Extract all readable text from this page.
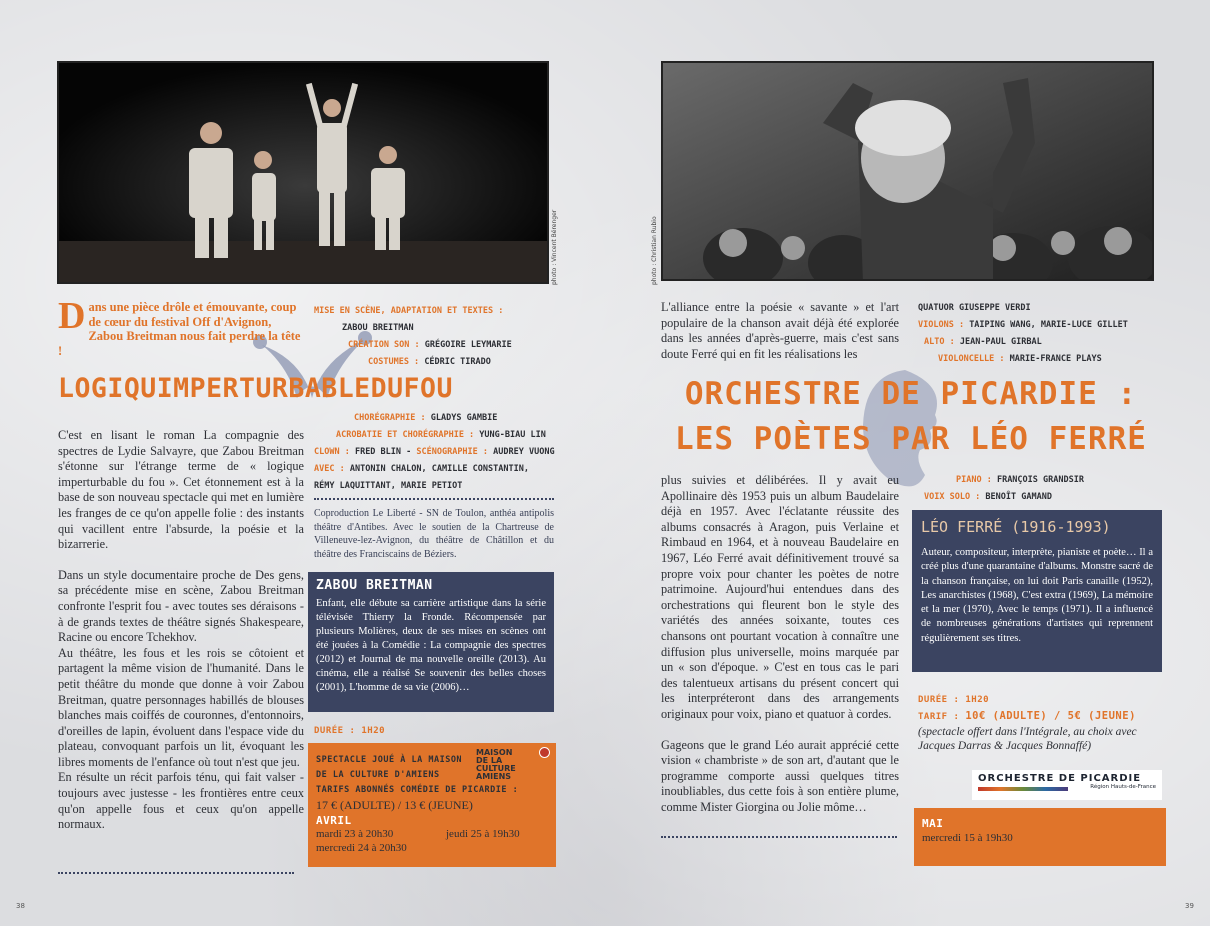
photo : Vincent Bérenger
D ans une pièce drôle et émouvante, coup de cœur du festival Off d'Avignon, Zabou Breitman nous fait perdre la tête !
MISE EN SCÈNE, ADAPTATION ET TEXTES :
ZABOU BREITMAN
CRÉATION SON : GRÉGOIRE LEYMARIE
COSTUMES : CÉDRIC TIRADO
LOGIQUIMPERTURBABLEDUFOU
CHORÉGRAPHIE : GLADYS GAMBIE
ACROBATIE ET CHORÉGRAPHIE : YUNG-BIAU LIN
CLOWN : FRED BLIN - SCÉNOGRAPHIE : AUDREY VUONG
AVEC : ANTONIN CHALON, CAMILLE CONSTANTIN,
RÉMY LAQUITTANT, MARIE PETIOT
Coproduction Le Liberté - SN de Toulon, anthéa antipolis théâtre d'Antibes. Avec le soutien de la Chartreuse de Villeneuve-lez-Avignon, du théâtre de Châtillon et du théâtre des Franciscains de Béziers.

C'est en lisant le roman La compagnie des spectres de Lydie Salvayre, que Zabou Breitman s'étonne sur l'étrange terme de « logique imperturbable du fou ». Cet étonnement est à la base de son nouveau spectacle qui met en lumière les franges de ce qu'on appelle folie : des instants qui vacillent entre l'absurde, la poésie et la bizarrerie.

Dans un style documentaire proche de Des gens, sa précédente mise en scène, Zabou Breitman confronte l'esprit fou - avec toutes ses déraisons - à de grands textes de théâtre signés Shakespeare, Racine ou encore Tchekhov.

Au théâtre, les fous et les rois se côtoient et partagent la même vision de l'humanité. Dans le petit théâtre du monde que donne à voir Zabou Breitman, quatre personnages habillés de blouses blanches mais coiffés de couronnes, d'entonnoirs, d'oreilles de lapin, évoluent dans l'espace vide du plateau, convoquant parfois un lit, évoquant les libres moments de l'enfance où tout n'est que jeu.

En résulte un récit parfois ténu, qui fait valser - toujours avec justesse - les frontières entre ceux qu'on appelle fous et ceux qu'on appelle normaux.

ZABOU BREITMAN
Enfant, elle débute sa carrière artistique dans la série télévisée Thierry la Fronde. Récompensée par plusieurs Molières, deux de ses mises en scènes ont été jouées à la Comédie : La compagnie des spectres (2012) et Journal de ma nouvelle oreille (2013). Au cinéma, elle a réalisé Se souvenir des belles choses (2001), L'homme de sa vie (2006)…
DURÉE : 1H20
SPECTACLE JOUÉ À LA MAISON
DE LA CULTURE D'AMIENS
TARIFS ABONNÉS COMÉDIE DE PICARDIE :
17 € (ADULTE) / 13 € (JEUNE)
AVRIL
mardi 23 à 20h30	jeudi 25 à 19h30
mercredi 24 à 20h30
MAISON
DE LA
CULTURE
AMIENS
38
photo : Christian Rubio
L'alliance entre la poésie « savante » et l'art populaire de la chanson avait déjà été explorée dans les années d'après-guerre, mais c'est sans doute Ferré qui en fit les réalisations les
QUATUOR GIUSEPPE VERDI
VIOLONS : TAIPING WANG, MARIE-LUCE GILLET
ALTO : JEAN-PAUL GIRBAL
VIOLONCELLE : MARIE-FRANCE PLAYS
ORCHESTRE DE PICARDIE :
LES POÈTES PAR LÉO FERRÉ
PIANO : FRANÇOIS GRANDSIR
VOIX SOLO : BENOÎT GAMAND

plus suivies et délibérées. Il y avait eu Apollinaire dès 1953 puis un album Baudelaire déjà en 1957. Avec l'éclatante réussite des albums consacrés à Aragon, puis Verlaine et Rimbaud en 1964, et à nouveau Baudelaire en 1967, Léo Ferré avait définitivement trouvé sa propre voix pour chanter les poètes de notre patrimoine. Aujourd'hui entendues dans des orchestrations qui fleurent bon le style des variétés des années soixante, toutes ces chansons ont pourtant vocation à connaître une diffusion plus universelle, moins marquée par un « son d'époque. » C'est en tous cas le pari des talentueux artisans du présent concert qui les interpréteront dans des arrangements originaux pour voix, piano et quatuor à cordes.

Gageons que le grand Léo aurait apprécié cette vision « chambriste » de son art, d'autant que le programme comporte aussi quelques titres inoubliables, dus cette fois à son entière plume, comme Mister Giorgina ou Jolie môme…

LÉO FERRÉ (1916-1993)
Auteur, compositeur, interprète, pianiste et poète… Il a créé plus d'une quarantaine d'albums. Monstre sacré de la chanson française, on lui doit Paris canaille (1952), Les anarchistes (1968), C'est extra (1969), La mémoire et la mer (1970), Avec le temps (1971). Il a influencé de nombreuses générations d'artistes qui reprennent régulièrement ses titres.
DURÉE : 1H20
TARIF : 10€ (ADULTE) / 5€ (JEUNE)
(spectacle offert dans l'Intégrale, au choix avec Jacques Darras & Jacques Bonnaffé)
ORCHESTRE DE PICARDIE
Région Hauts-de-France
MAI
mercredi 15 à 19h30
39
